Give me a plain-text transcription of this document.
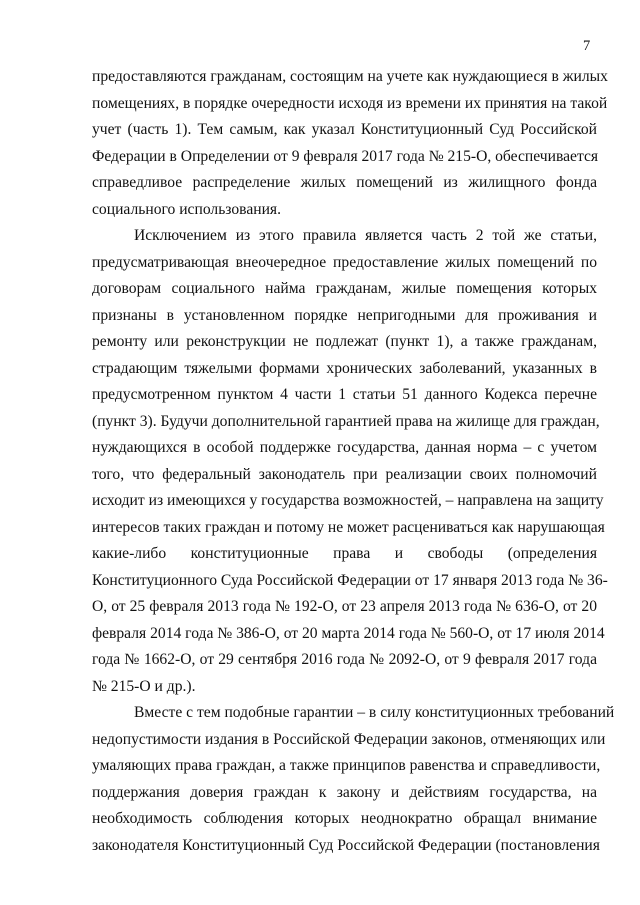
7
предоставляются гражданам, состоящим на учете как нуждающиеся в жилых
помещениях, в порядке очередности исходя из времени их принятия на такой
учет (часть 1). Тем самым, как указал Конституционный Суд Российской
Федерации в Определении от 9 февраля 2017 года № 215-О, обеспечивается
справедливое распределение жилых помещений из жилищного фонда
социального использования.
Исключением из этого правила является часть 2 той же статьи,
предусматривающая внеочередное предоставление жилых помещений по
договорам социального найма гражданам, жилые помещения которых
признаны в установленном порядке непригодными для проживания и
ремонту или реконструкции не подлежат (пункт 1), а также гражданам,
страдающим тяжелыми формами хронических заболеваний, указанных в
предусмотренном пунктом 4 части 1 статьи 51 данного Кодекса перечне
(пункт 3). Будучи дополнительной гарантией права на жилище для граждан,
нуждающихся в особой поддержке государства, данная норма – с учетом
того, что федеральный законодатель при реализации своих полномочий
исходит из имеющихся у государства возможностей, – направлена на защиту
интересов таких граждан и потому не может расцениваться как нарушающая
какие-либо конституционные права и свободы (определения
Конституционного Суда Российской Федерации от 17 января 2013 года № 36-
О, от 25 февраля 2013 года № 192-О, от 23 апреля 2013 года № 636-О, от 20
февраля 2014 года № 386-О, от 20 марта 2014 года № 560-О, от 17 июля 2014
года № 1662-О, от 29 сентября 2016 года № 2092-О, от 9 февраля 2017 года
№ 215-О и др.).
Вместе с тем подобные гарантии – в силу конституционных требований
недопустимости издания в Российской Федерации законов, отменяющих или
умаляющих права граждан, а также принципов равенства и справедливости,
поддержания доверия граждан к закону и действиям государства, на
необходимость соблюдения которых неоднократно обращал внимание
законодателя Конституционный Суд Российской Федерации (постановления
